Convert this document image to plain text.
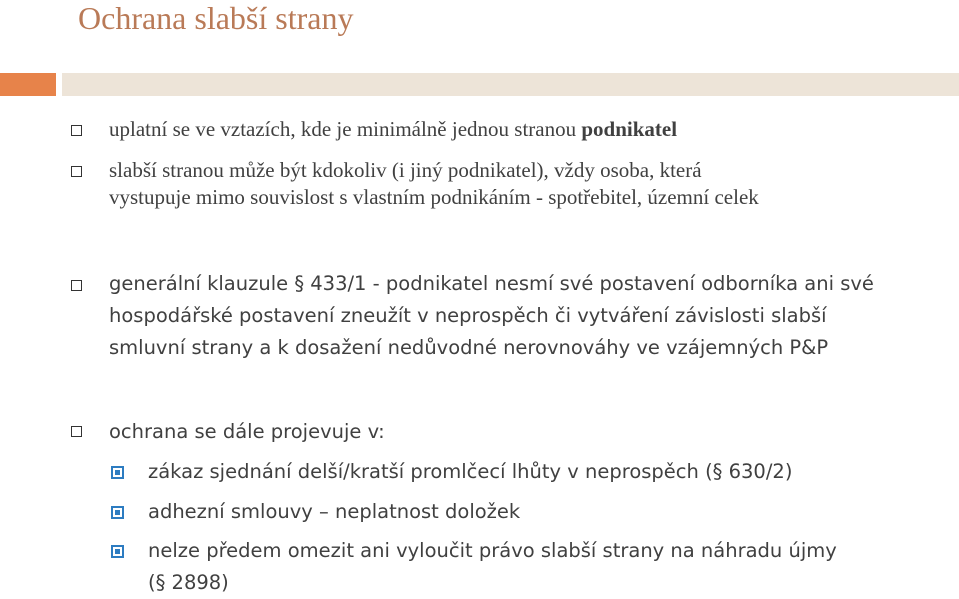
Ochrana slabší strany
uplatní se ve vztazích, kde je minimálně jednou stranou podnikatel
slabší stranou může být kdokoliv (i jiný podnikatel), vždy osoba, která
vystupuje mimo souvislost s vlastním podnikáním - spotřebitel, územní celek
generální klauzule § 433/1 - podnikatel nesmí své postavení odborníka ani své
hospodářské postavení zneužít v neprospěch či vytváření závislosti slabší
smluvní strany a k dosažení nedůvodné nerovnováhy ve vzájemných P&P
ochrana se dále projevuje v:
zákaz sjednání delší/kratší promlčecí lhůty v neprospěch (§ 630/2)
adhezní smlouvy – neplatnost doložek
nelze předem omezit ani vyloučit právo slabší strany na náhradu újmy
(§ 2898)
